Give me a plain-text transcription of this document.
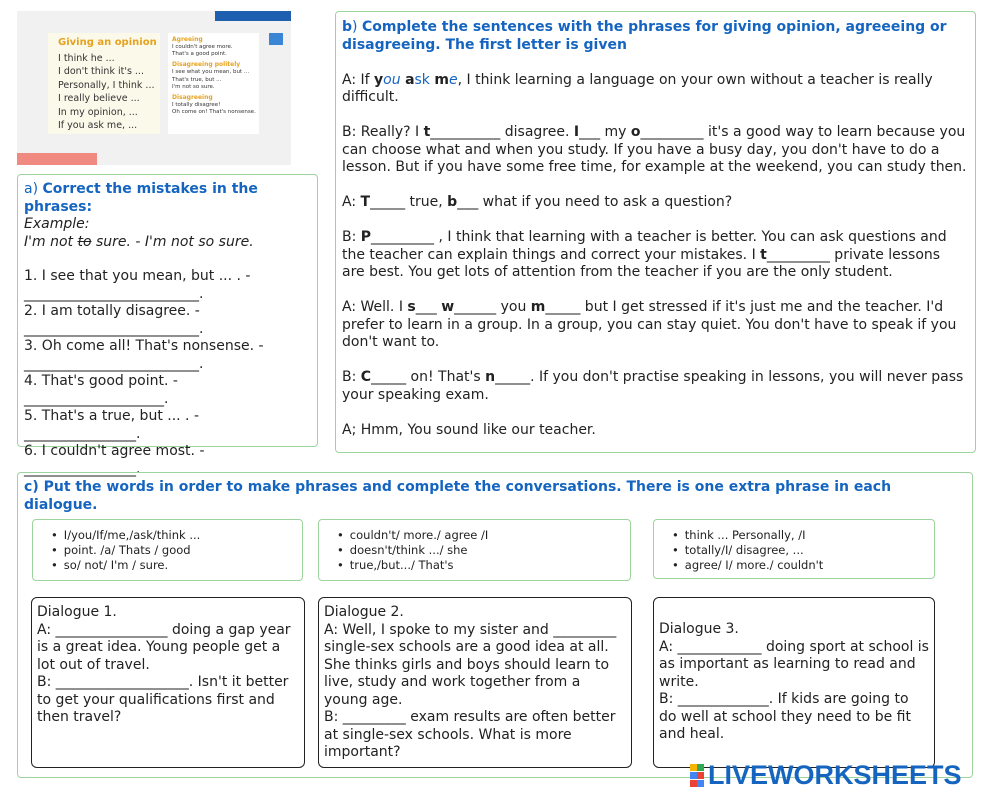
Giving an opinion
I think he ...
I don't think it's ...
Personally, I think ...
I really believe ...
In my opinion, ...
If you ask me, ...
Agreeing
I couldn't agree more.
That's a good point.
Disagreeing politely
I see what you mean, but ...
That's true, but ...
I'm not so sure.
Disagreeing
I totally disagree!
Oh come on! That's nonsense.
a) Correct the mistakes in the phrases:
Example:
I'm not to sure. - I'm not so sure.
1. I see that you mean, but ... . - _________________________.
2. I am totally disagree. - _________________________.
3. Oh come all! That's nonsense. - _________________________.
4. That's good point. - ____________________.
5. That's a true, but ... . - ________________.
6. I couldn't agree most. - ________________.
b) Complete the sentences with the phrases for giving opinion, agreeeing or disagreeing. The first letter is given
A: If you ask me, I think learning a language on your own without a teacher is really difficult.
B: Really? I t__________ disagree. I___ my o_________ it's a good way to learn because you can choose what and when you study. If you have a busy day, you don't have to do a lesson. But if you have some free time, for example at the weekend, you can study then.
A: T_____ true, b___ what if you need to ask a question?
B: P_________ , I think that learning with a teacher is better. You can ask questions and the teacher can explain things and correct your mistakes. I t_________ private lessons are best. You get lots of attention from the teacher if you are the only student.
A: Well. I s___ w______ you m_____ but I get stressed if it's just me and the teacher. I'd prefer to learn in a group. In a group, you can stay quiet. You don't have to speak if you don't want to.
B: C_____ on! That's n_____. If you don't practise speaking in lessons, you will never pass your speaking exam.
A; Hmm, You sound like our teacher.
c) Put the words in order to make phrases and complete the conversations. There is one extra phrase in each dialogue.
• I/you/If/me,/ask/think ...
• point. /a/ Thats / good
• so/ not/ I'm / sure.
• couldn't/ more./ agree /I
• doesn't/think .../ she
• true,/but.../ That's
• think ... Personally, /I
• totally/I/ disagree, ...
• agree/ I/ more./ couldn't
Dialogue 1.
A: ________________ doing a gap year is a great idea. Young people get a lot out of travel.
B: ___________________. Isn't it better to get your qualifications first and then travel?
Dialogue 2.
A: Well, I spoke to my sister and _________ single-sex schools are a good idea at all. She thinks girls and boys should learn to live, study and work together from a young age.
B: _________ exam results are often better at single-sex schools. What is more important?
Dialogue 3.
A: ____________ doing sport at school is as important as learning to read and write.
B: _____________. If kids are going to do well at school they need to be fit and heal.
LIVEWORKSHEETS
